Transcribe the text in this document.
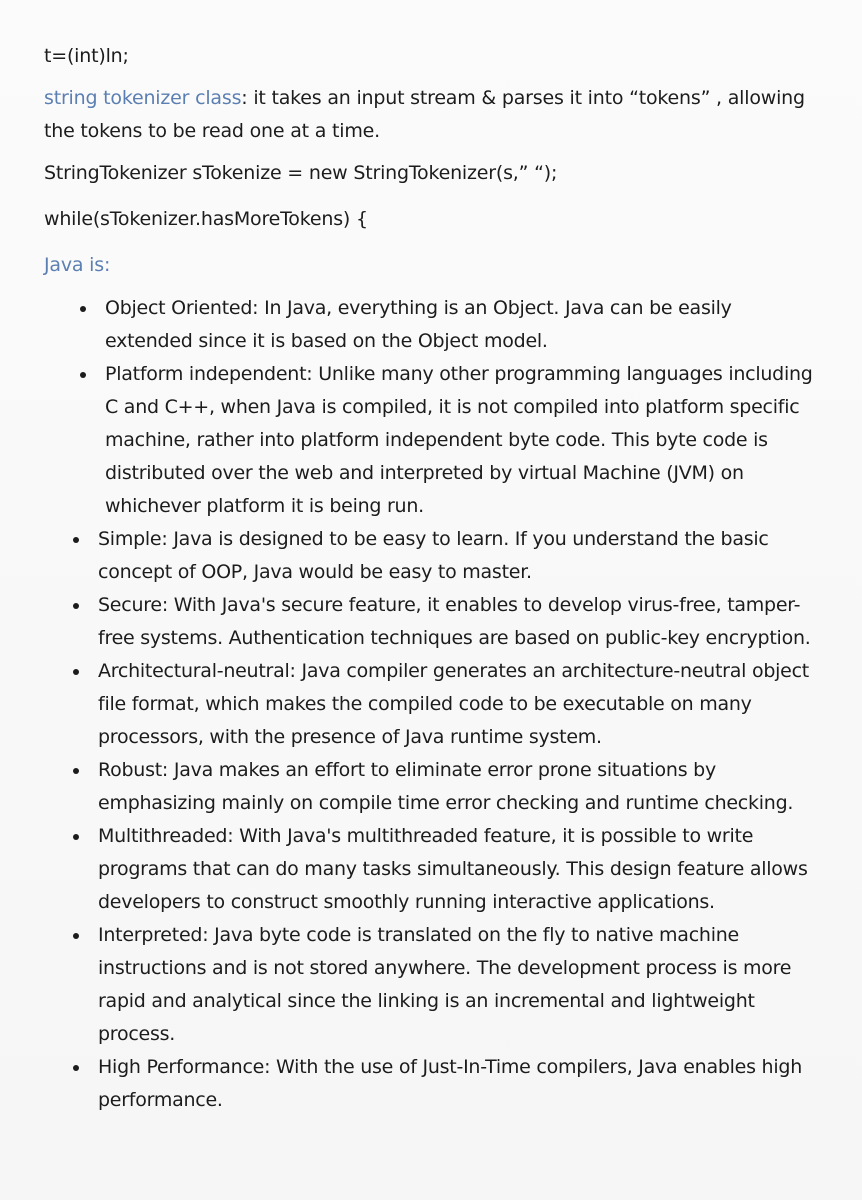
t=(int)ln;

string tokenizer class: it takes an input stream & parses it into “tokens” , allowing the tokens to be read one at a time.

StringTokenizer sTokenize = new StringTokenizer(s,” “);

while(sTokenizer.hasMoreTokens) {

Java is:

Object Oriented: In Java, everything is an Object. Java can be easily extended since it is based on the Object model.
Platform independent: Unlike many other programming languages including C and C++, when Java is compiled, it is not compiled into platform specific machine, rather into platform independent byte code. This byte code is distributed over the web and interpreted by virtual Machine (JVM) on whichever platform it is being run.
Simple: Java is designed to be easy to learn. If you understand the basic concept of OOP, Java would be easy to master.
Secure: With Java's secure feature, it enables to develop virus-free, tamper-free systems. Authentication techniques are based on public-key encryption.
Architectural-neutral: Java compiler generates an architecture-neutral object file format, which makes the compiled code to be executable on many processors, with the presence of Java runtime system.
Robust: Java makes an effort to eliminate error prone situations by emphasizing mainly on compile time error checking and runtime checking.
Multithreaded: With Java's multithreaded feature, it is possible to write programs that can do many tasks simultaneously. This design feature allows developers to construct smoothly running interactive applications.
Interpreted: Java byte code is translated on the fly to native machine instructions and is not stored anywhere. The development process is more rapid and analytical since the linking is an incremental and lightweight process.
High Performance: With the use of Just-In-Time compilers, Java enables high performance.
